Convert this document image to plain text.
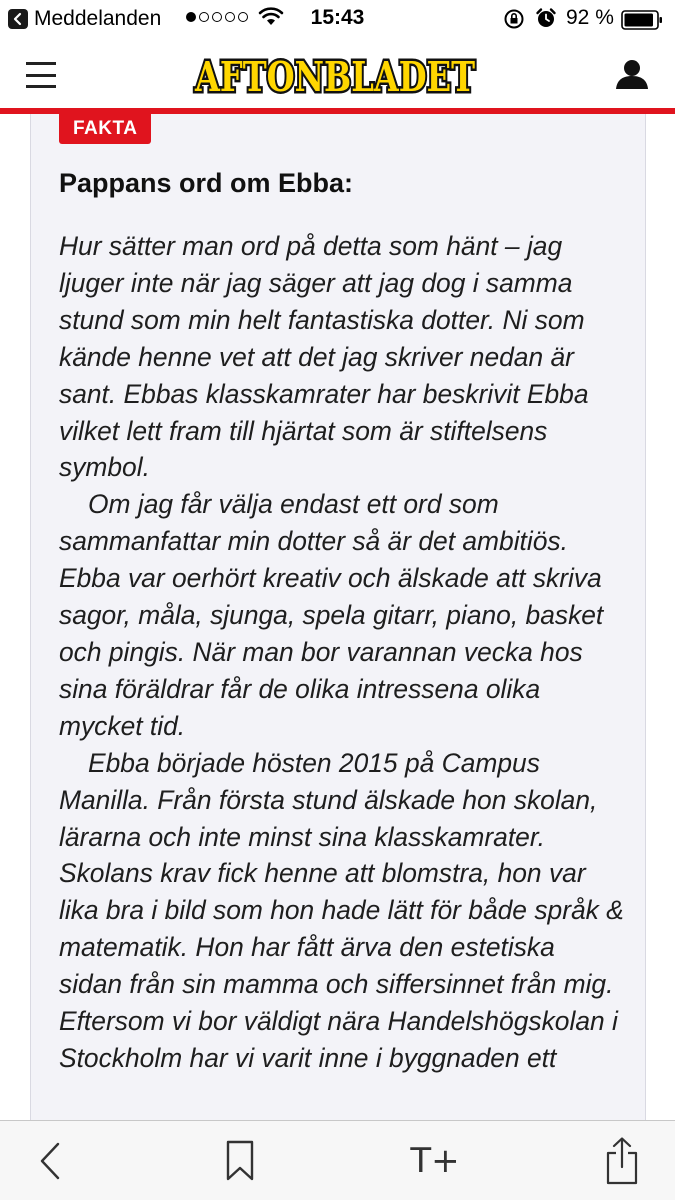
Meddelanden	15:43	92 %
AFTONBLADET
FAKTA
Pappans ord om Ebba:

Hur sätter man ord på detta som hänt – jag ljuger inte när jag säger att jag dog i samma stund som min helt fantastiska dotter. Ni som kände henne vet att det jag skriver nedan är sant. Ebbas klasskamrater har beskrivit Ebba vilket lett fram till hjärtat som är stiftelsens symbol.

Om jag får välja endast ett ord som sammanfattar min dotter så är det ambitiös. Ebba var oerhört kreativ och älskade att skriva sagor, måla, sjunga, spela gitarr, piano, basket och pingis. När man bor varannan vecka hos sina föräldrar får de olika intressena olika mycket tid.

Ebba började hösten 2015 på Campus Manilla. Från första stund älskade hon skolan, lärarna och inte minst sina klasskamrater. Skolans krav fick henne att blomstra, hon var lika bra i bild som hon hade lätt för både språk & matematik. Hon har fått ärva den estetiska sidan från sin mamma och siffersinnet från mig. Eftersom vi bor väldigt nära Handelshögskolan i Stockholm har vi varit inne i byggnaden ett

T+
